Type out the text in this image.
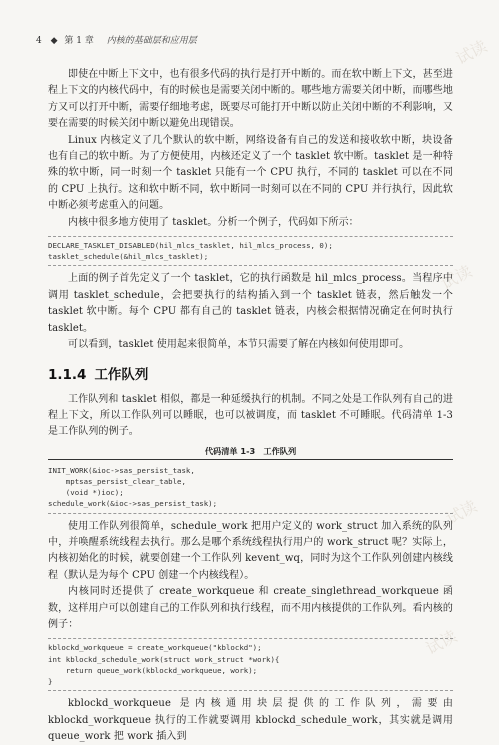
试读
试读
试读
试读
4 ◆ 第 1 章 内核的基础层和应用层

即使在中断上下文中，也有很多代码的执行是打开中断的。而在软中断上下文，甚至进程上下文的内核代码中，有的时候也是需要关闭中断的。哪些地方需要关闭中断，而哪些地方又可以打开中断，需要仔细地考虑，既要尽可能打开中断以防止关闭中断的不利影响，又要在需要的时候关闭中断以避免出现错误。

Linux 内核定义了几个默认的软中断，网络设备有自己的发送和接收软中断，块设备也有自己的软中断。为了方便使用，内核还定义了一个 tasklet 软中断。tasklet 是一种特殊的软中断，同一时刻一个 tasklet 只能有一个 CPU 执行，不同的 tasklet 可以在不同的 CPU 上执行。这和软中断不同，软中断同一时刻可以在不同的 CPU 并行执行，因此软中断必须考虑重入的问题。

内核中很多地方使用了 tasklet。分析一个例子，代码如下所示：

DECLARE_TASKLET_DISABLED(hil_mlcs_tasklet, hil_mlcs_process, 0);
tasklet_schedule(&hil_mlcs_tasklet);

上面的例子首先定义了一个 tasklet，它的执行函数是 hil_mlcs_process。当程序中调用 tasklet_schedule，会把要执行的结构插入到一个 tasklet 链表，然后触发一个 tasklet 软中断。每个 CPU 都有自己的 tasklet 链表，内核会根据情况确定在何时执行 tasklet。

可以看到，tasklet 使用起来很简单，本节只需要了解在内核如何使用即可。

1.1.4 工作队列

工作队列和 tasklet 相似，都是一种延缓执行的机制。不同之处是工作队列有自己的进程上下文，所以工作队列可以睡眠，也可以被调度，而 tasklet 不可睡眠。代码清单 1-3 是工作队列的例子。

代码清单 1-3　工作队列
INIT_WORK(&ioc->sas_persist_task,
mptsas_persist_clear_table,
(void *)ioc);
schedule_work(&ioc->sas_persist_task);

使用工作队列很简单，schedule_work 把用户定义的 work_struct 加入系统的队列中，并唤醒系统线程去执行。那么是哪个系统线程执行用户的 work_struct 呢？实际上，内核初始化的时候，就要创建一个工作队列 kevent_wq，同时为这个工作队列创建内核线程（默认是为每个 CPU 创建一个内核线程）。

内核同时还提供了 create_workqueue 和 create_singlethread_workqueue 函数，这样用户可以创建自己的工作队列和执行线程，而不用内核提供的工作队列。看内核的例子：

kblockd_workqueue = create_workqueue("kblockd");
int kblockd_schedule_work(struct work_struct *work){
return queue_work(kblockd_workqueue, work);
}

kblockd_workqueue 是内核通用块层提供的工作队列，需要由 kblockd_workqueue 执行的工作就要调用 kblockd_schedule_work，其实就是调用 queue_work 把 work 插入到
